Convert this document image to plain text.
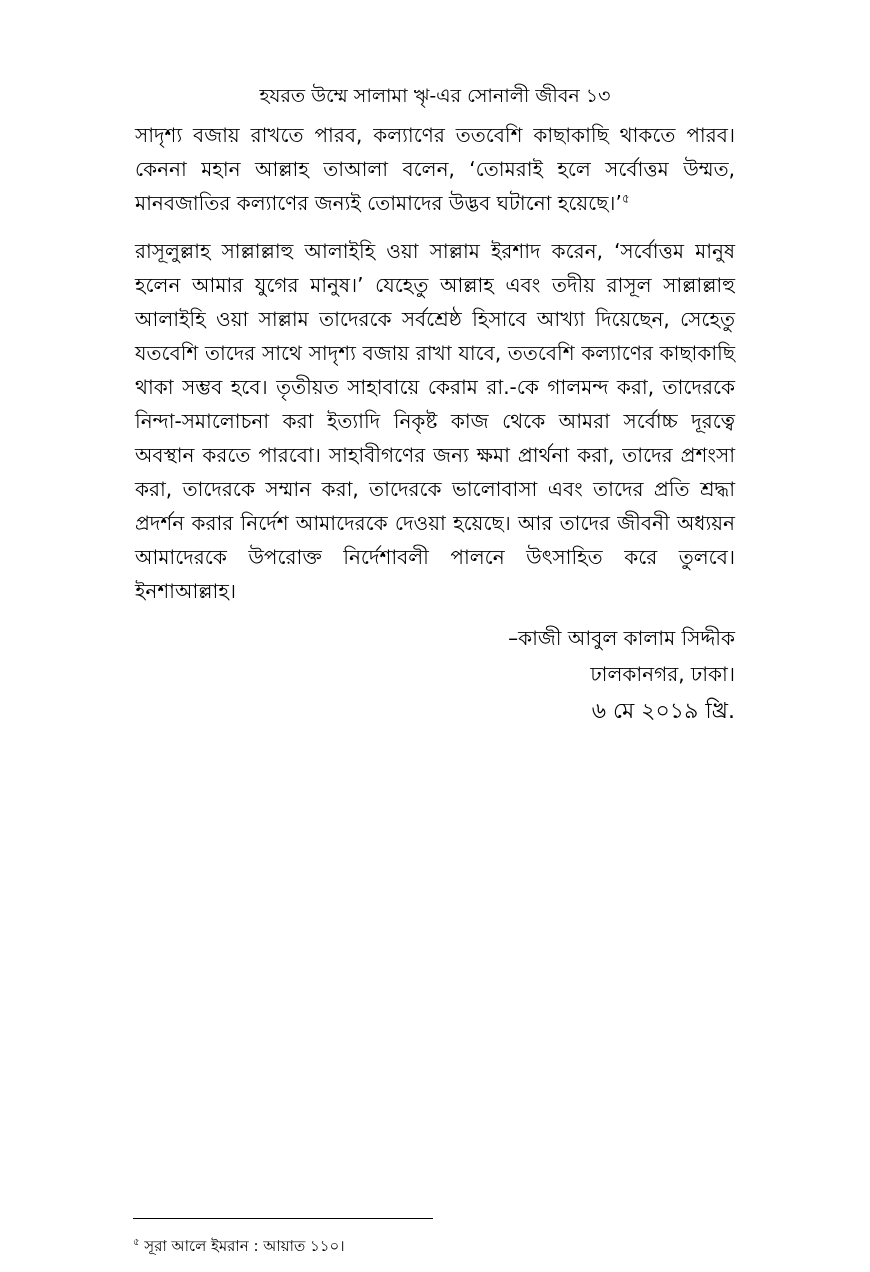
হযরত উম্মে সালামা ৠ-এর সোনালী জীবন ১৩

সাদৃশ্য বজায় রাখতে পারব, কল্যাণের ততবেশি কাছাকাছি থাকতে পারব। কেননা মহান আল্লাহ তাআলা বলেন, ‘তোমরাই হলে সর্বোত্তম উম্মত, মানবজাতির কল্যাণের জন্যই তোমাদের উদ্ভব ঘটানো হয়েছে।’$^৫$

রাসূলুল্লাহ সাল্লাল্লাহু আলাইহি ওয়া সাল্লাম ইরশাদ করেন, ‘সর্বোত্তম মানুষ হলেন আমার যুগের মানুষ।’ যেহেতু আল্লাহ এবং তদীয় রাসূল সাল্লাল্লাহু আলাইহি ওয়া সাল্লাম তাদেরকে সর্বশ্রেষ্ঠ হিসাবে আখ্যা দিয়েছেন, সেহেতু যতবেশি তাদের সাথে সাদৃশ্য বজায় রাখা যাবে, ততবেশি কল্যাণের কাছাকাছি থাকা সম্ভব হবে। তৃতীয়ত সাহাবায়ে কেরাম রা.-কে গালমন্দ করা, তাদেরকে নিন্দা-সমালোচনা করা ইত্যাদি নিকৃষ্ট কাজ থেকে আমরা সর্বোচ্চ দূরত্বে অবস্থান করতে পারবো। সাহাবীগণের জন্য ক্ষমা প্রার্থনা করা, তাদের প্রশংসা করা, তাদেরকে সম্মান করা, তাদেরকে ভালোবাসা এবং তাদের প্রতি শ্রদ্ধা প্রদর্শন করার নির্দেশ আমাদেরকে দেওয়া হয়েছে। আর তাদের জীবনী অধ্যয়ন আমাদেরকে উপরোক্ত নির্দেশাবলী পালনে উৎসাহিত করে তুলবে। ইনশাআল্লাহ।

–কাজী আবুল কালাম সিদ্দীক
ঢালকানগর, ঢাকা।
৬ মে ২০১৯ খ্রি.
$^৫$ সূরা আলে ইমরান : আয়াত ১১০।
